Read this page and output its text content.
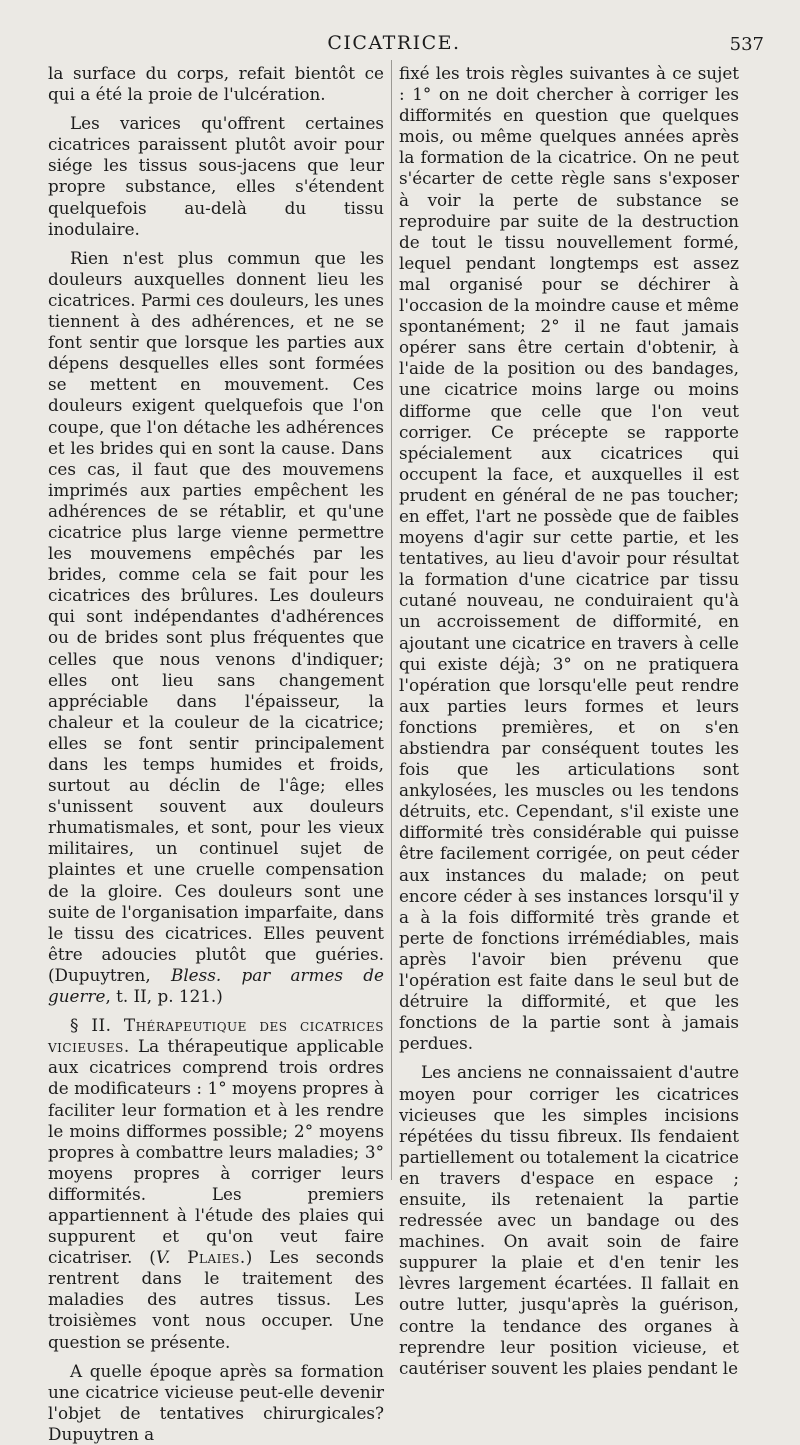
CICATRICE.	537

la surface du corps, refait bientôt ce qui a été la proie de l'ulcération.

Les varices qu'offrent certaines cicatrices paraissent plutôt avoir pour siége les tissus sous-jacens que leur propre substance, elles s'étendent quelquefois au-delà du tissu inodulaire.

Rien n'est plus commun que les douleurs auxquelles donnent lieu les cicatrices. Parmi ces douleurs, les unes tiennent à des adhérences, et ne se font sentir que lorsque les parties aux dépens desquelles elles sont formées se mettent en mouvement. Ces douleurs exigent quelquefois que l'on coupe, que l'on détache les adhérences et les brides qui en sont la cause. Dans ces cas, il faut que des mouvemens imprimés aux parties empêchent les adhérences de se rétablir, et qu'une cicatrice plus large vienne permettre les mouvemens empêchés par les brides, comme cela se fait pour les cicatrices des brûlures. Les douleurs qui sont indépendantes d'adhérences ou de brides sont plus fréquentes que celles que nous venons d'indiquer; elles ont lieu sans changement appréciable dans l'épaisseur, la chaleur et la couleur de la cicatrice; elles se font sentir principalement dans les temps humides et froids, surtout au déclin de l'âge; elles s'unissent souvent aux douleurs rhumatismales, et sont, pour les vieux militaires, un continuel sujet de plaintes et une cruelle compensation de la gloire. Ces douleurs sont une suite de l'organisation imparfaite, dans le tissu des cicatrices. Elles peuvent être adoucies plutôt que guéries. (Dupuytren, Bless. par armes de guerre, t. II, p. 121.)

§ II. Thérapeutique des cicatrices vicieuses. La thérapeutique applicable aux cicatrices comprend trois ordres de modificateurs : 1° moyens propres à faciliter leur formation et à les rendre le moins difformes possible; 2° moyens propres à combattre leurs maladies; 3° moyens propres à corriger leurs difformités. Les premiers appartiennent à l'étude des plaies qui suppurent et qu'on veut faire cicatriser. (V. Plaies.) Les seconds rentrent dans le traitement des maladies des autres tissus. Les troisièmes vont nous occuper. Une question se présente.

A quelle époque après sa formation une cicatrice vicieuse peut-elle devenir l'objet de tentatives chirurgicales? Dupuytren a

fixé les trois règles suivantes à ce sujet : 1° on ne doit chercher à corriger les difformités en question que quelques mois, ou même quelques années après la formation de la cicatrice. On ne peut s'écarter de cette règle sans s'exposer à voir la perte de substance se reproduire par suite de la destruction de tout le tissu nouvellement formé, lequel pendant longtemps est assez mal organisé pour se déchirer à l'occasion de la moindre cause et même spontanément; 2° il ne faut jamais opérer sans être certain d'obtenir, à l'aide de la position ou des bandages, une cicatrice moins large ou moins difforme que celle que l'on veut corriger. Ce précepte se rapporte spécialement aux cicatrices qui occupent la face, et auxquelles il est prudent en général de ne pas toucher; en effet, l'art ne possède que de faibles moyens d'agir sur cette partie, et les tentatives, au lieu d'avoir pour résultat la formation d'une cicatrice par tissu cutané nouveau, ne conduiraient qu'à un accroissement de difformité, en ajoutant une cicatrice en travers à celle qui existe déjà; 3° on ne pratiquera l'opération que lorsqu'elle peut rendre aux parties leurs formes et leurs fonctions premières, et on s'en abstiendra par conséquent toutes les fois que les articulations sont ankylosées, les muscles ou les tendons détruits, etc. Cependant, s'il existe une difformité très considérable qui puisse être facilement corrigée, on peut céder aux instances du malade; on peut encore céder à ses instances lorsqu'il y a à la fois difformité très grande et perte de fonctions irrémédiables, mais après l'avoir bien prévenu que l'opération est faite dans le seul but de détruire la difformité, et que les fonctions de la partie sont à jamais perdues.

Les anciens ne connaissaient d'autre moyen pour corriger les cicatrices vicieuses que les simples incisions répétées du tissu fibreux. Ils fendaient partiellement ou totalement la cicatrice en travers d'espace en espace ; ensuite, ils retenaient la partie redressée avec un bandage ou des machines. On avait soin de faire suppurer la plaie et d'en tenir les lèvres largement écartées. Il fallait en outre lutter, jusqu'après la guérison, contre la tendance des organes à reprendre leur position vicieuse, et cautériser souvent les plaies pendant le
